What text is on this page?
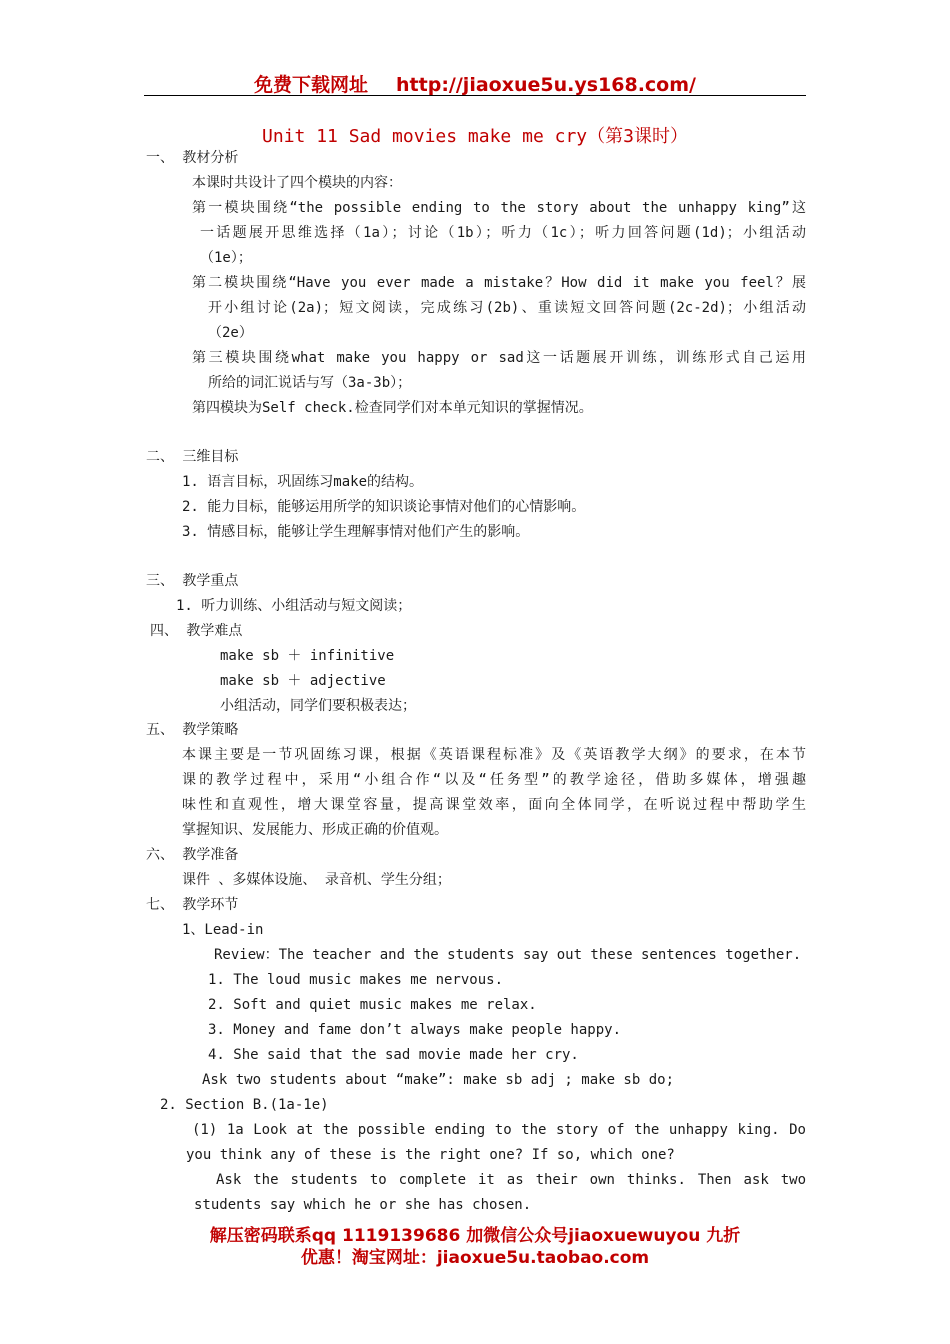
免费下载网址 http://jiaoxue5u.ys168.com/
Unit 11 Sad movies make me cry（第3课时）
一、 教材分析
本课时共设计了四个模块的内容：
第一模块围绕“the possible ending to the story about the unhappy king”这
一话题展开思维选择（1a）；讨论（1b）；听力（1c）；听力回答问题(1d)；小组活动
（1e）；
第二模块围绕“Have you ever made a mistake？How did it make you feel？展
开小组讨论(2a)；短文阅读，完成练习(2b)、重读短文回答问题(2c-2d)；小组活动
（2e）
第三模块围绕what make you happy or sad这一话题展开训练，训练形式自己运用
所给的词汇说话与写（3a-3b）；
第四模块为Self check.检查同学们对本单元知识的掌握情况。
二、 三维目标
1. 语言目标，巩固练习make的结构。
2. 能力目标，能够运用所学的知识谈论事情对他们的心情影响。
3. 情感目标，能够让学生理解事情对他们产生的影响。
三、 教学重点
1. 听力训练、小组活动与短文阅读；
四、 教学难点
make sb ＋ infinitive
make sb ＋ adjective
小组活动，同学们要积极表达；
五、 教学策略
本课主要是一节巩固练习课，根据《英语课程标准》及《英语教学大纲》的要求，在本节
课的教学过程中，采用“小组合作“以及“任务型”的教学途径，借助多媒体，增强趣
味性和直观性，增大课堂容量，提高课堂效率，面向全体同学，在听说过程中帮助学生
掌握知识、发展能力、形成正确的价值观。
六、 教学准备
课件 、多媒体设施、 录音机、学生分组；
七、 教学环节
1、Lead-in
Review：The teacher and the students say out these sentences together.
1. The loud music makes me nervous.
2. Soft and quiet music makes me relax.
3. Money and fame don’t always make people happy.
4. She said that the sad movie made her cry.
Ask two students about “make”: make sb adj ; make sb do;
2. Section B.(1a-1e)
(1) 1a Look at the possible ending to the story of the unhappy king. Do
you think any of these is the right one? If so, which one?
Ask the students to complete it as their own thinks. Then ask two
students say which he or she has chosen.
解压密码联系qq 1119139686 加微信公众号jiaoxuewuyou 九折
优惠！淘宝网址：jiaoxue5u.taobao.com
